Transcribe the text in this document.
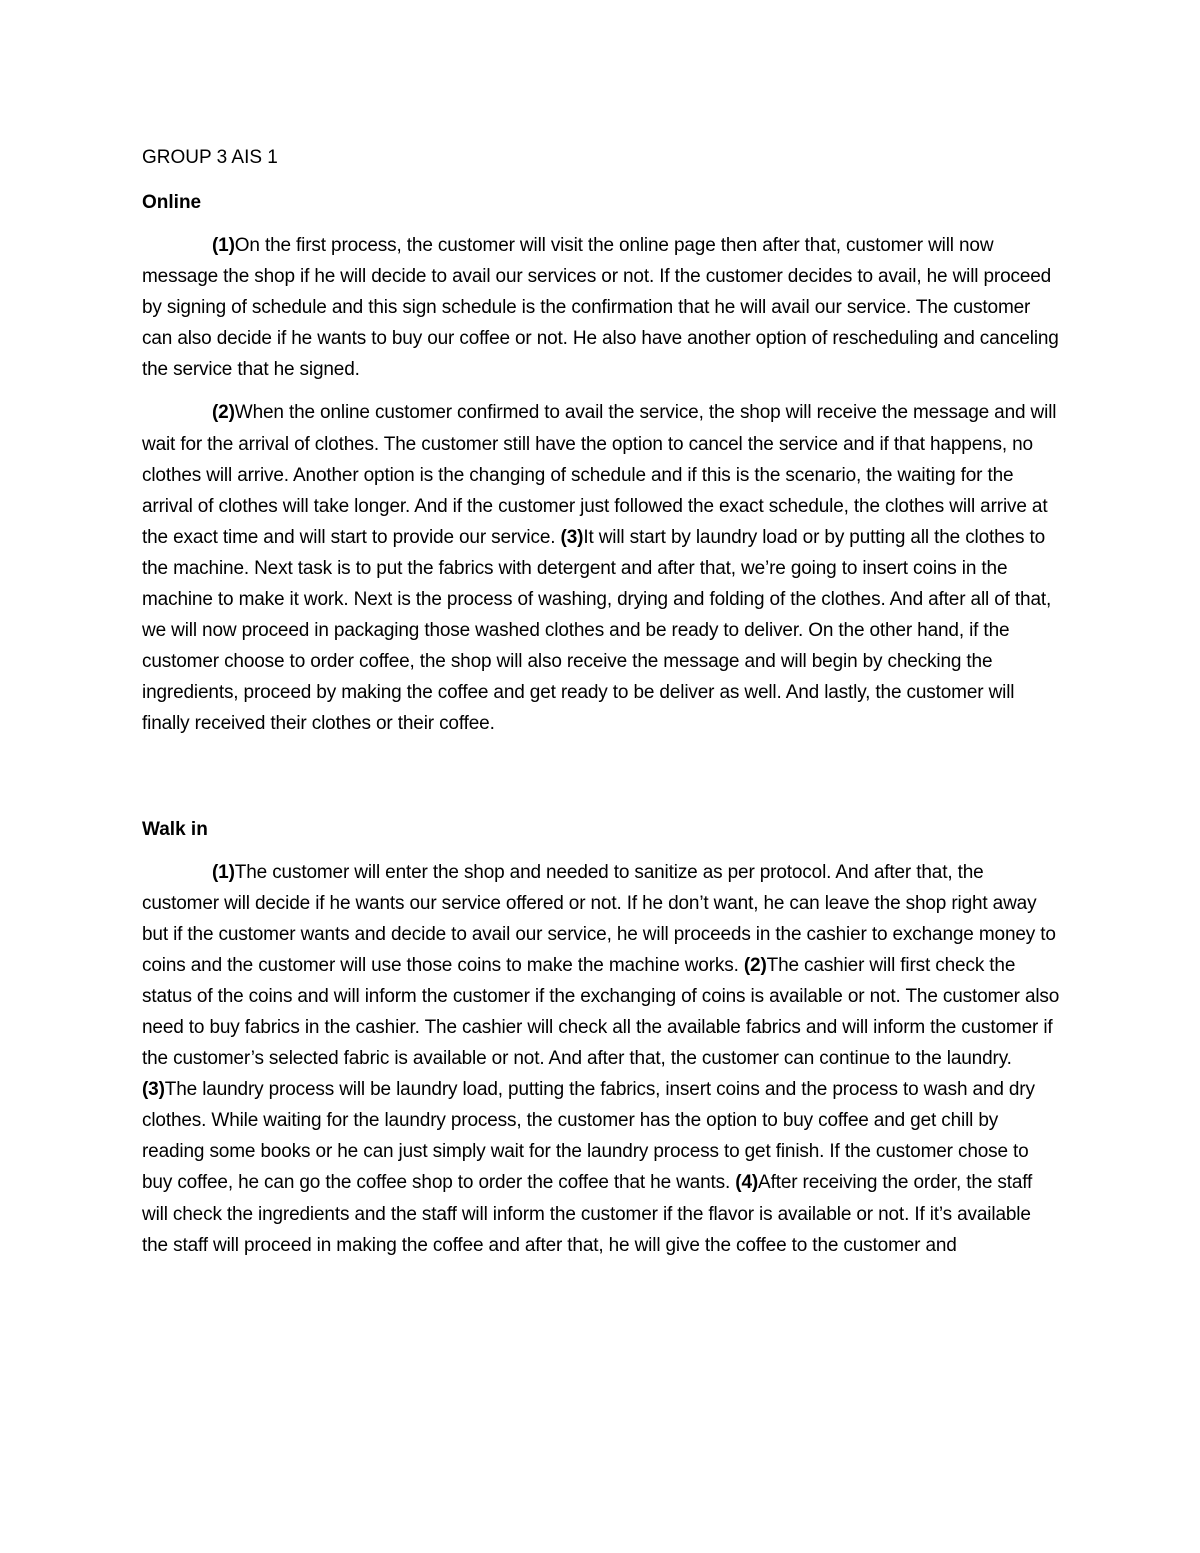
GROUP 3 AIS 1
Online

(1)On the first process, the customer will visit the online page then after that, customer will now message the shop if he will decide to avail our services or not. If the customer decides to avail, he will proceed by signing of schedule and this sign schedule is the confirmation that he will avail our service. The customer can also decide if he wants to buy our coffee or not. He also have another option of rescheduling and canceling the service that he signed.

(2)When the online customer confirmed to avail the service, the shop will receive the message and will wait for the arrival of clothes. The customer still have the option to cancel the service and if that happens, no clothes will arrive. Another option is the changing of schedule and if this is the scenario, the waiting for the arrival of clothes will take longer. And if the customer just followed the exact schedule, the clothes will arrive at the exact time and will start to provide our service. (3)It will start by laundry load or by putting all the clothes to the machine. Next task is to put the fabrics with detergent and after that, we’re going to insert coins in the machine to make it work. Next is the process of washing, drying and folding of the clothes. And after all of that, we will now proceed in packaging those washed clothes and be ready to deliver. On the other hand, if the customer choose to order coffee, the shop will also receive the message and will begin by checking the ingredients, proceed by making the coffee and get ready to be deliver as well. And lastly, the customer will finally received their clothes or their coffee.

Walk in

(1)The customer will enter the shop and needed to sanitize as per protocol. And after that, the customer will decide if he wants our service offered or not. If he don’t want, he can leave the shop right away but if the customer wants and decide to avail our service, he will proceeds in the cashier to exchange money to coins and the customer will use those coins to make the machine works. (2)The cashier will first check the status of the coins and will inform the customer if the exchanging of coins is available or not. The customer also need to buy fabrics in the cashier. The cashier will check all the available fabrics and will inform the customer if the customer’s selected fabric is available or not. And after that, the customer can continue to the laundry. (3)The laundry process will be laundry load, putting the fabrics, insert coins and the process to wash and dry clothes. While waiting for the laundry process, the customer has the option to buy coffee and get chill by reading some books or he can just simply wait for the laundry process to get finish. If the customer chose to buy coffee, he can go the coffee shop to order the coffee that he wants. (4)After receiving the order, the staff will check the ingredients and the staff will inform the customer if the flavor is available or not. If it’s available the staff will proceed in making the coffee and after that, he will give the coffee to the customer and
